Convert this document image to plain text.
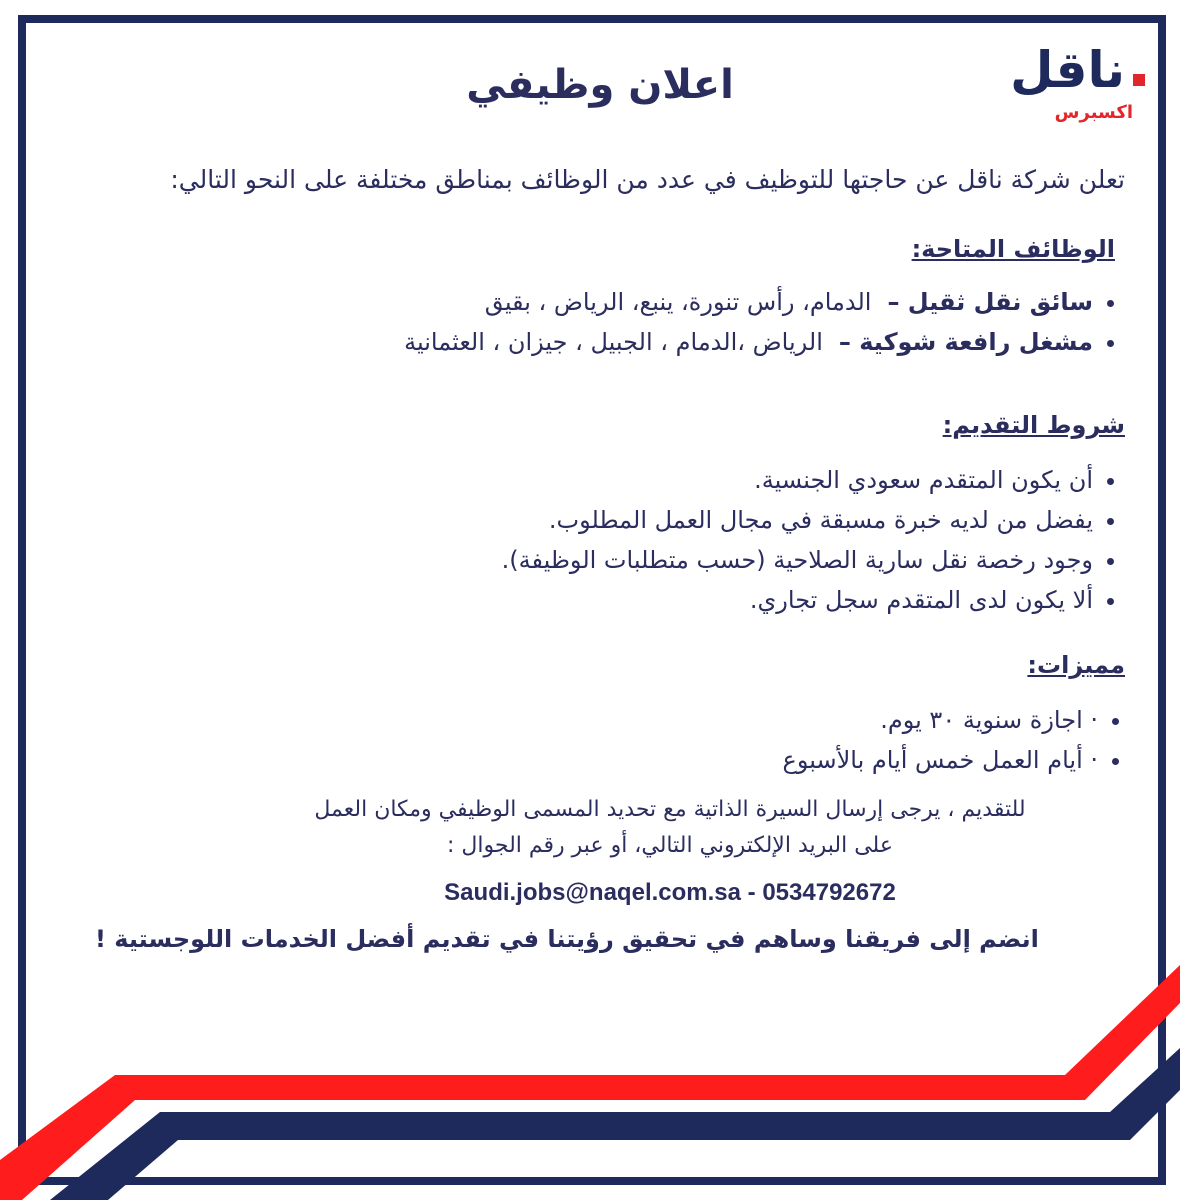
ناقل
اكسبرس
اعلان وظيفي
تعلن شركة ناقل عن حاجتها للتوظيف في عدد من الوظائف بمناطق مختلفة على النحو التالي:
الوظائف المتاحة:
• سائق نقل ثقيل –
الدمام، رأس تنورة، ينبع، الرياض ، بقيق
• مشغل رافعة شوكية –
الرياض ،الدمام ، الجبيل ، جيزان ، العثمانية
شروط التقديم:
• أن يكون المتقدم سعودي الجنسية.
• يفضل من لديه خبرة مسبقة في مجال العمل المطلوب.
• وجود رخصة نقل سارية الصلاحية (حسب متطلبات الوظيفة).
• ألا يكون لدى المتقدم سجل تجاري.
مميزات:
• · اجازة سنوية ٣٠ يوم.
• · أيام العمل خمس أيام بالأسبوع
للتقديم ، يرجى إرسال السيرة الذاتية مع تحديد المسمى الوظيفي ومكان العمل
على البريد الإلكتروني التالي، أو عبر رقم الجوال :
Saudi.jobs@naqel.com.sa - 0534792672
انضم إلى فريقنا وساهم في تحقيق رؤيتنا في تقديم أفضل الخدمات اللوجستية !
